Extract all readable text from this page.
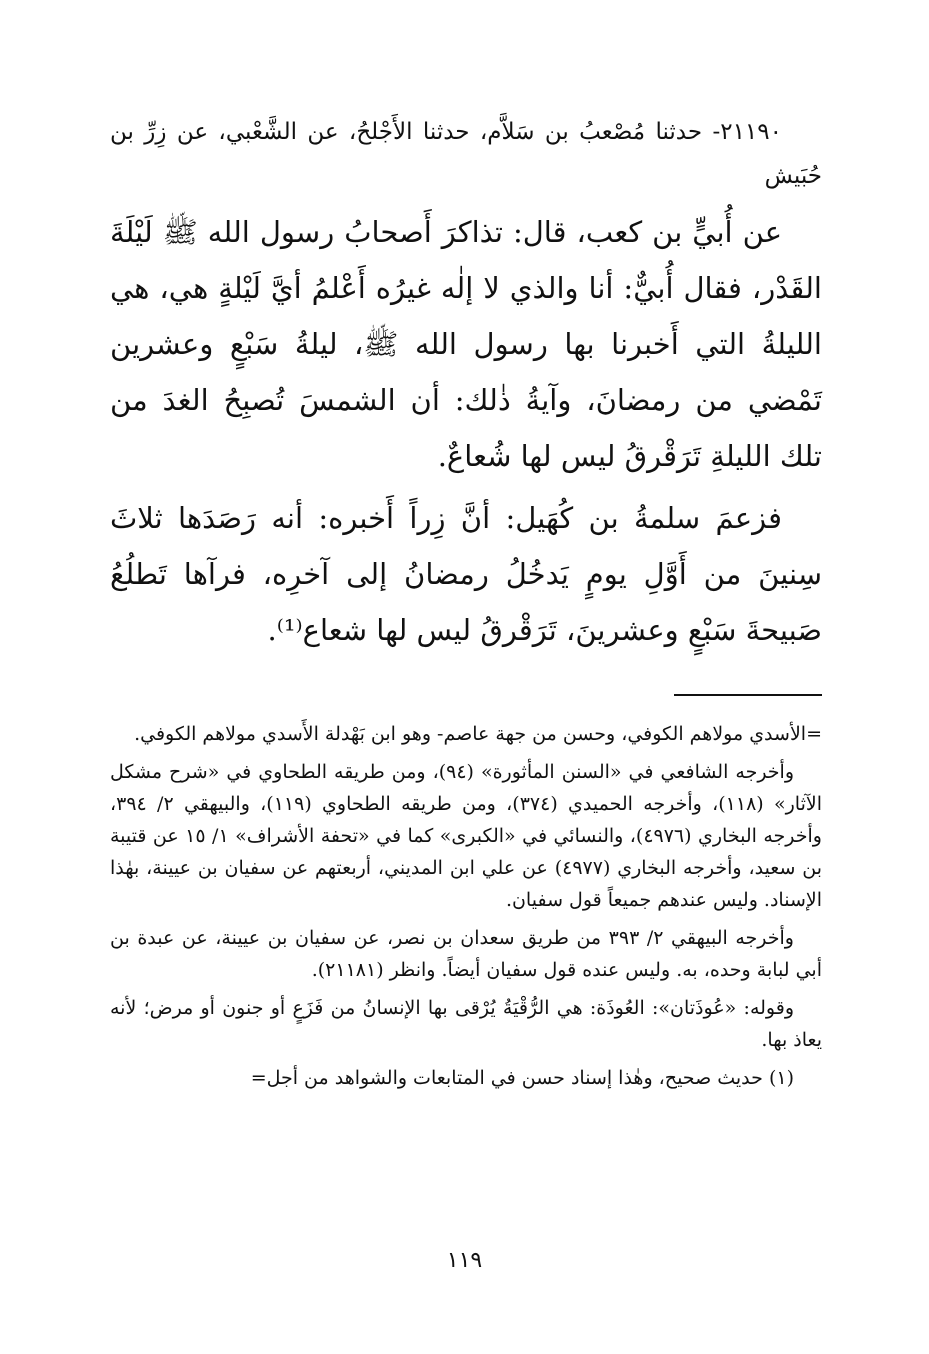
٢١١٩٠- حدثنا مُصْعبُ بن سَلاَّم، حدثنا الأَجْلحُ، عن الشَّعْبي، عن زِرِّ بن حُبَيش

عن أُبيٍّ بن كعب، قال: تذاكرَ أَصحابُ رسول الله ﷺ لَيْلَةَ القَدْر، فقال أُبيٌّ: أنا والذي لا إلٰه غيرُه أَعْلمُ أيَّ لَيْلةٍ هي، هي الليلةُ التي أَخبرنا بها رسول الله ﷺ، ليلةُ سَبْعٍ وعشرين تَمْضي من رمضانَ، وآيةُ ذٰلك: أن الشمسَ تُصبِحُ الغدَ من تلك الليلةِ تَرَقْرقُ ليس لها شُعاعٌ.

فزعمَ سلمةُ بن كُهَيل: أنَّ زِراً أَخبره: أنه رَصَدَها ثلاثَ سِنينَ من أَوَّلِ يومٍ يَدخُلُ رمضانُ إلى آخرِه، فرآها تَطلُعُ صَبيحةَ سَبْعٍ وعشرينَ، تَرَقْرقُ ليس لها شعاع⁽¹⁾.

=الأسدي مولاهم الكوفي، وحسن من جهة عاصم- وهو ابن بَهْدلة الأَسدي مولاهم الكوفي.

وأخرجه الشافعي في «السنن المأثورة» (٩٤)، ومن طريقه الطحاوي في «شرح مشكل الآثار» (١١٨)، وأخرجه الحميدي (٣٧٤)، ومن طريقه الطحاوي (١١٩)، والبيهقي ٢/ ٣٩٤، وأخرجه البخاري (٤٩٧٦)، والنسائي في «الكبرى» كما في «تحفة الأشراف» ١/ ١٥ عن قتيبة بن سعيد، وأخرجه البخاري (٤٩٧٧) عن علي ابن المديني، أربعتهم عن سفيان بن عيينة، بهٰذا الإسناد. وليس عندهم جميعاً قول سفيان.

وأخرجه البيهقي ٢/ ٣٩٣ من طريق سعدان بن نصر، عن سفيان بن عيينة، عن عبدة بن أبي لبابة وحده، به. وليس عنده قول سفيان أيضاً. وانظر (٢١١٨١).

وقوله: «عُوذَتان»: العُوذَة: هي الرُّقْيَةُ يُرْقى بها الإنسانُ من فَزَعٍ أو جنون أو مرض؛ لأنه يعاذ بها.

(١) حديث صحيح، وهٰذا إسناد حسن في المتابعات والشواهد من أجل=

١١٩
